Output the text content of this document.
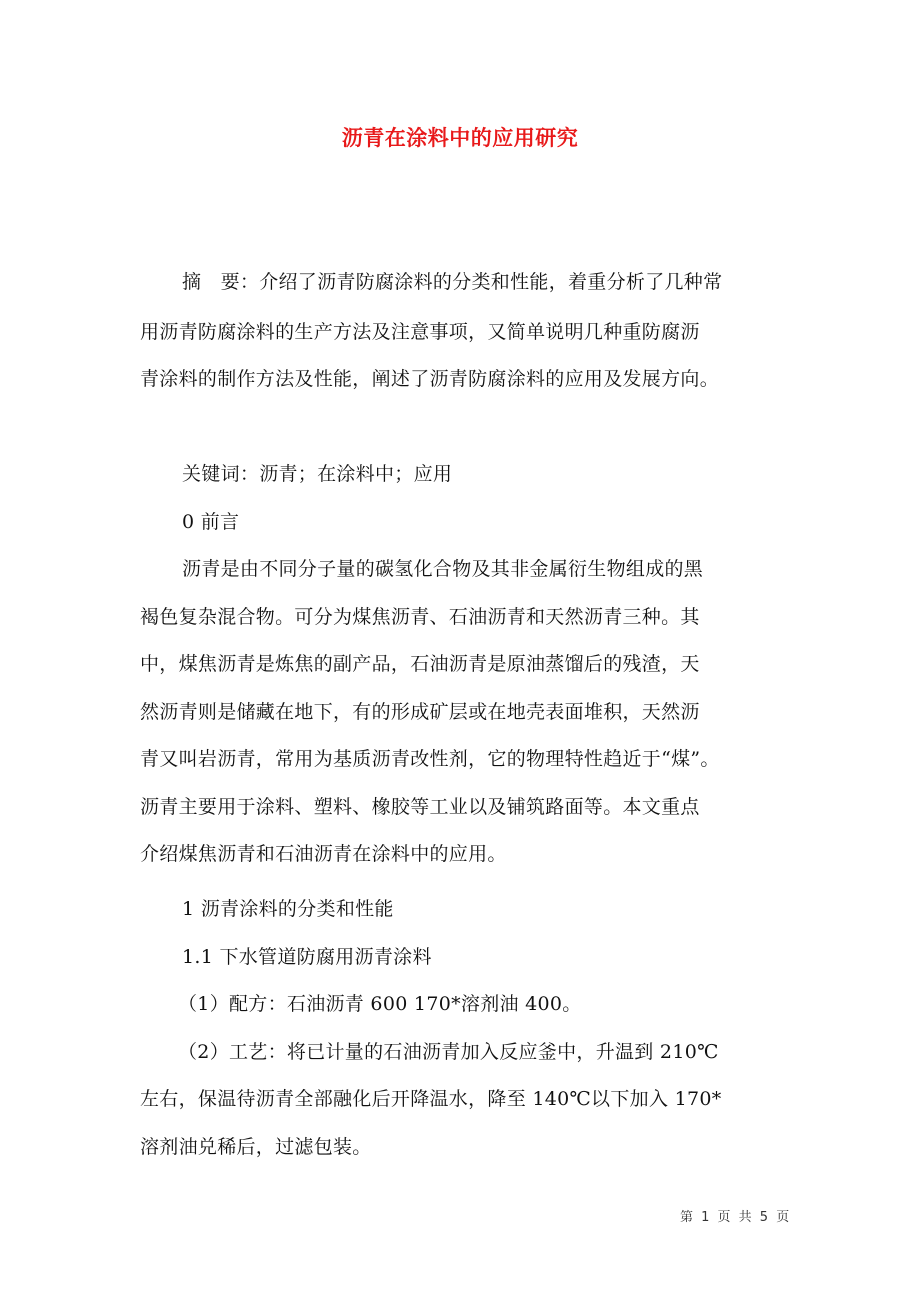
沥青在涂料中的应用研究
摘　要：介绍了沥青防腐涂料的分类和性能，着重分析了几种常
用沥青防腐涂料的生产方法及注意事项，又简单说明几种重防腐沥
青涂料的制作方法及性能，阐述了沥青防腐涂料的应用及发展方向。
关键词：沥青；在涂料中；应用
0 前言
沥青是由不同分子量的碳氢化合物及其非金属衍生物组成的黑
褐色复杂混合物。可分为煤焦沥青、石油沥青和天然沥青三种。其
中，煤焦沥青是炼焦的副产品，石油沥青是原油蒸馏后的残渣，天
然沥青则是储藏在地下，有的形成矿层或在地壳表面堆积，天然沥
青又叫岩沥青，常用为基质沥青改性剂，它的物理特性趋近于“煤”。
沥青主要用于涂料、塑料、橡胶等工业以及铺筑路面等。本文重点
介绍煤焦沥青和石油沥青在涂料中的应用。
1 沥青涂料的分类和性能
1.1 下水管道防腐用沥青涂料
（1）配方：石油沥青 600 170*溶剂油 400。
（2）工艺：将已计量的石油沥青加入反应釜中，升温到 210℃
左右，保温待沥青全部融化后开降温水，降至 140℃以下加入 170*
溶剂油兑稀后，过滤包装。
第 1 页 共 5 页
